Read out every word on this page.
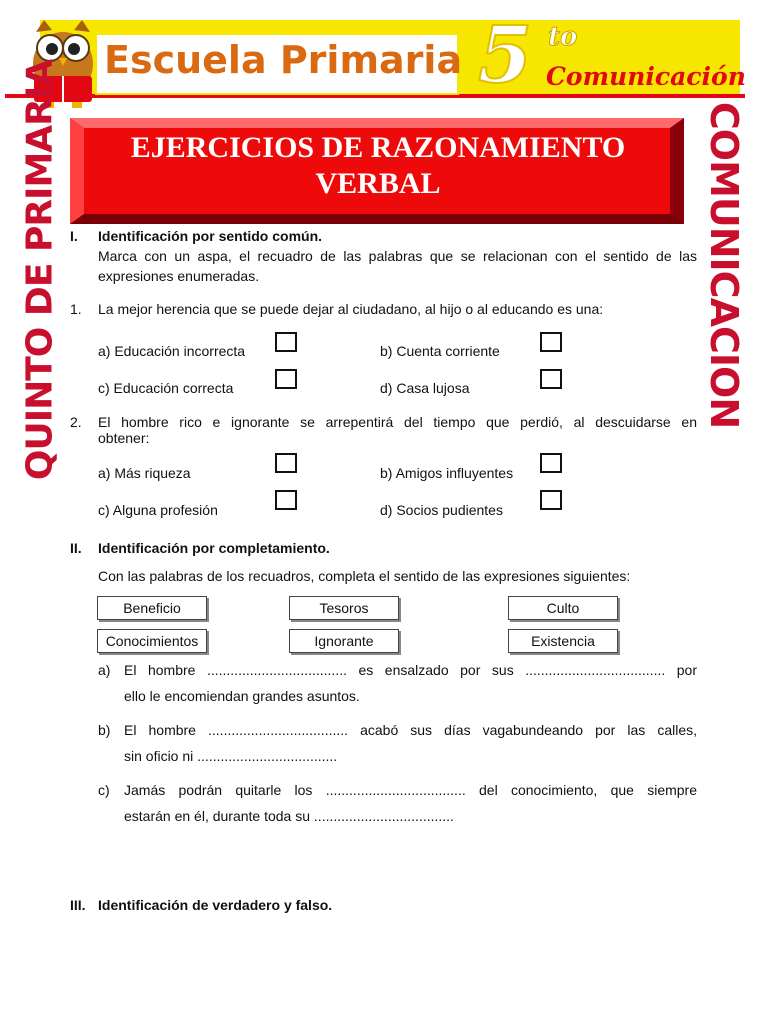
Escuela Primaria 5 to
Comunicación
QUINTO DE PRIMARIA	COMUNICACION
EJERCICIOS DE RAZONAMIENTO
VERBAL
I. Identificación por sentido común.
Marca con un aspa, el recuadro de las palabras que se relacionan con el sentido de las
expresiones enumeradas.
1. La mejor herencia que se puede dejar al ciudadano, al hijo o al educando es una:
a) Educación incorrecta	b) Cuenta corriente
c) Educación correcta	d) Casa lujosa
2. El hombre rico e ignorante se arrepentirá del tiempo que perdió, al descuidarse en
obtener:
a) Más riqueza	b) Amigos influyentes
c) Alguna profesión	d) Socios pudientes
II. Identificación por completamiento.
Con las palabras de los recuadros, completa el sentido de las expresiones siguientes:
Beneficio	Tesoros	Culto
Conocimientos	Ignorante	Existencia
a) El hombre .................................... es ensalzado por sus .................................... por
ello le encomiendan grandes asuntos.
b) El hombre .................................... acabó sus días vagabundeando por las calles,
sin oficio ni ....................................
c) Jamás podrán quitarle los .................................... del conocimiento, que siempre
estarán en él, durante toda su ....................................
III. Identificación de verdadero y falso.
